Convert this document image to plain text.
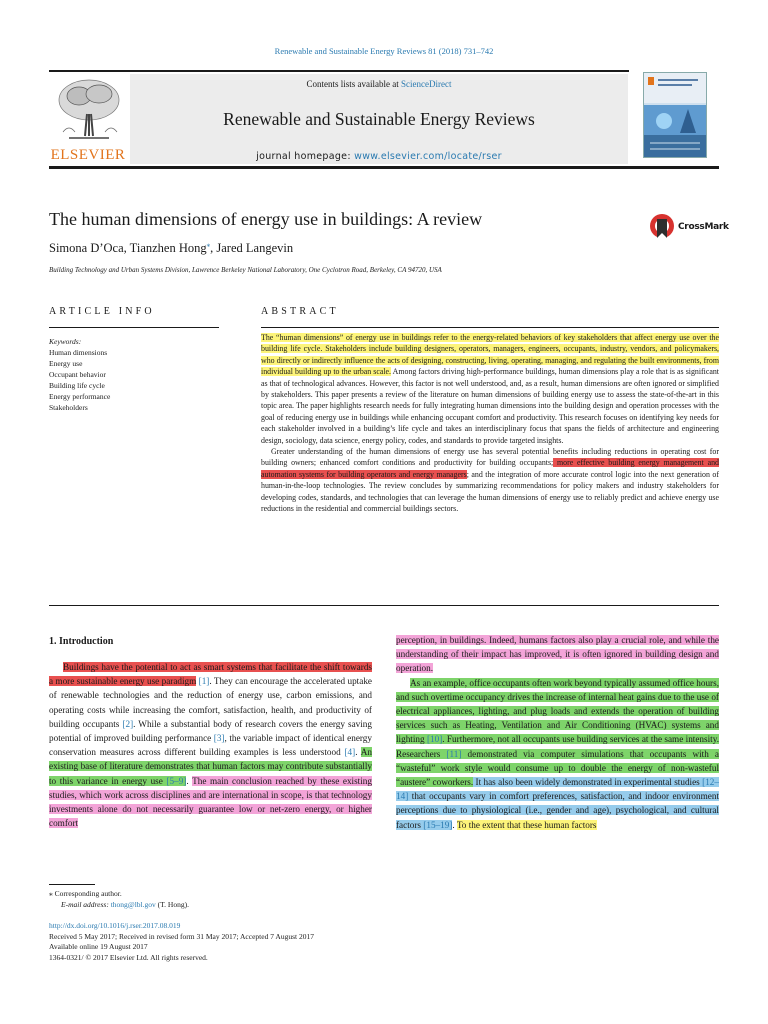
Renewable and Sustainable Energy Reviews 81 (2018) 731–742
ELSEVIER
Contents lists available at ScienceDirect
Renewable and Sustainable Energy Reviews
journal homepage: www.elsevier.com/locate/rser
The human dimensions of energy use in buildings: A review
Simona D’Oca, Tianzhen Hong⁎, Jared Langevin
Building Technology and Urban Systems Division, Lawrence Berkeley National Laboratory, One Cyclotron Road, Berkeley, CA 94720, USA
CrossMark
ARTICLE INFO
Keywords:
Human dimensions
Energy use
Occupant behavior
Building life cycle
Energy performance
Stakeholders
ABSTRACT

The “human dimensions” of energy use in buildings refer to the energy-related behaviors of key stakeholders that affect energy use over the building life cycle. Stakeholders include building designers, operators, managers, engineers, occupants, industry, vendors, and policymakers, who directly or indirectly influence the acts of designing, constructing, living, operating, managing, and regulating the built environments, from individual building up to the urban scale. Among factors driving high-performance buildings, human dimensions play a role that is as significant as that of technological advances. However, this factor is not well understood, and, as a result, human dimensions are often ignored or simplified by stakeholders. This paper presents a review of the literature on human dimensions of building energy use to assess the state-of-the-art in this topic area. The paper highlights research needs for fully integrating human dimensions into the building design and operation processes with the goal of reducing energy use in buildings while enhancing occupant comfort and productivity. This research focuses on identifying key needs for each stakeholder involved in a building’s life cycle and takes an interdisciplinary focus that spans the fields of architecture and engineering design, sociology, data science, energy policy, codes, and standards to provide targeted insights.

Greater understanding of the human dimensions of energy use has several potential benefits including reductions in operating cost for building owners; enhanced comfort conditions and productivity for building occupants; more effective building energy management and automation systems for building operators and energy managers; and the integration of more accurate control logic into the next generation of human-in-the-loop technologies. The review concludes by summarizing recommendations for policy makers and industry stakeholders for developing codes, standards, and technologies that can leverage the human dimensions of energy use to reliably predict and achieve energy use reductions in the residential and commercial buildings sectors.

1. Introduction

Buildings have the potential to act as smart systems that facilitate the shift towards a more sustainable energy use paradigm [1]. They can encourage the accelerated uptake of renewable technologies and the reduction of energy use, carbon emissions, and operating costs while increasing the comfort, satisfaction, health, and productivity of building occupants [2]. While a substantial body of research covers the energy saving potential of improved building performance [3], the variable impact of identical energy conservation measures across different building examples is less understood [4]. An existing base of literature demonstrates that human factors may contribute substantially to this variance in energy use [5–9]. The main conclusion reached by these existing studies, which work across disciplines and are international in scope, is that technology investments alone do not necessarily guarantee low or net-zero energy, or higher comfort

perception, in buildings. Indeed, humans factors also play a crucial role, and while the understanding of their impact has improved, it is often ignored in building design and operation.

As an example, office occupants often work beyond typically assumed office hours, and such overtime occupancy drives the increase of internal heat gains due to the use of electrical appliances, lighting, and plug loads and extends the operation of building services such as Heating, Ventilation and Air Conditioning (HVAC) systems and lighting [10]. Furthermore, not all occupants use building services at the same intensity. Researchers [11] demonstrated via computer simulations that occupants with a “wasteful” work style would consume up to double the energy of non-wasteful “austere” coworkers. It has also been widely demonstrated in experimental studies [12–14] that occupants vary in comfort preferences, satisfaction, and indoor environment perceptions due to physiological (i.e., gender and age), psychological, and cultural factors [15–19]. To the extent that these human factors

⁎ Corresponding author.
E-mail address: thong@lbl.gov (T. Hong).
http://dx.doi.org/10.1016/j.rser.2017.08.019
Received 5 May 2017; Received in revised form 31 May 2017; Accepted 7 August 2017
Available online 19 August 2017
1364-0321/ © 2017 Elsevier Ltd. All rights reserved.
